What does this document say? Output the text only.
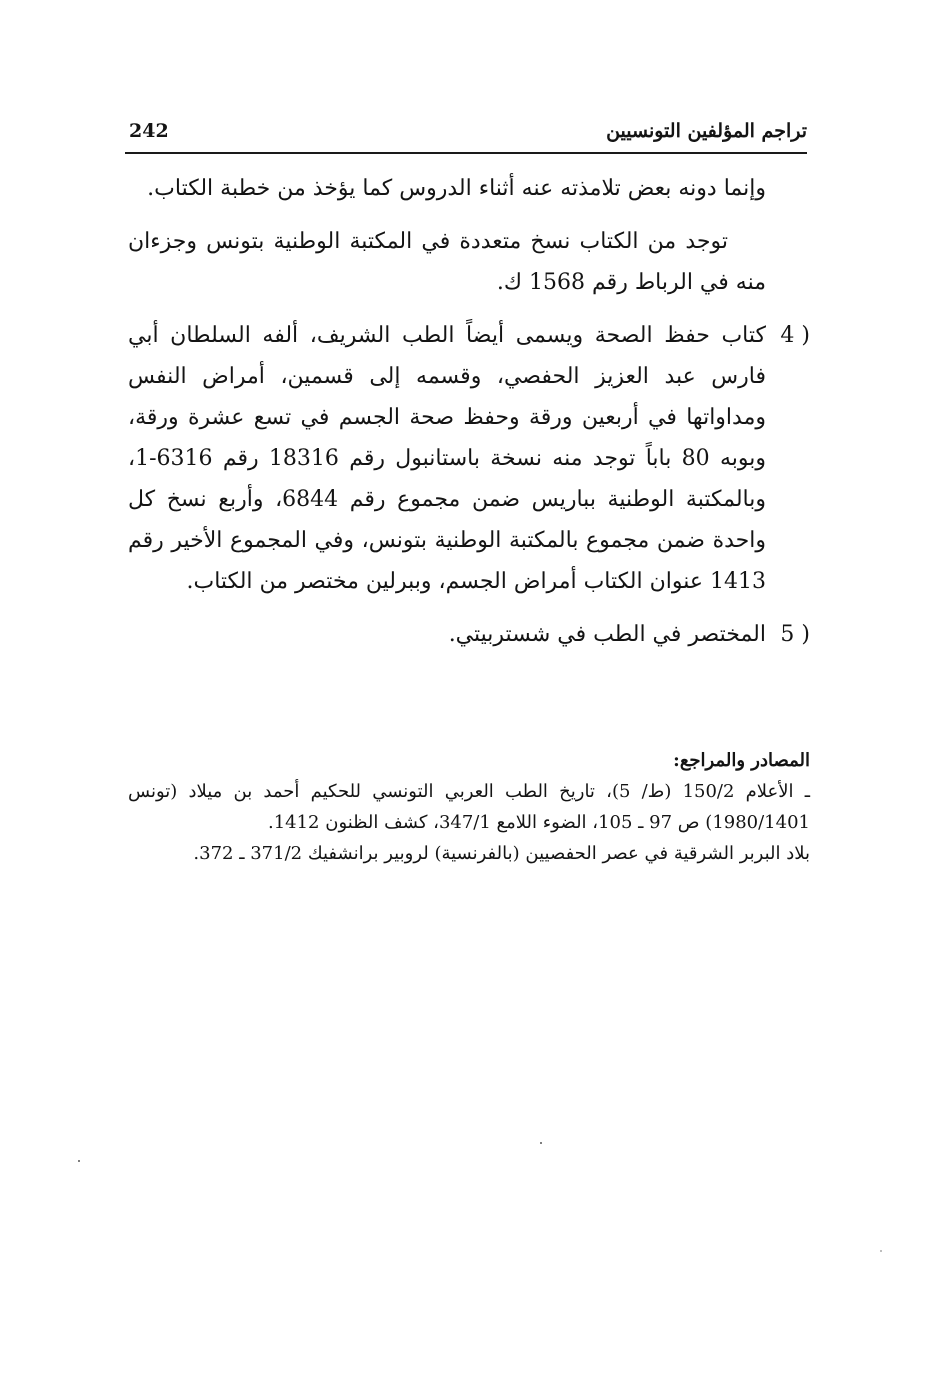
تراجم المؤلفين التونسيين
242

وإنما دونه بعض تلامذته عنه أثناء الدروس كما يؤخذ من خطبة الكتاب.

توجد من الكتاب نسخ متعددة في المكتبة الوطنية بتونس وجزءان منه في الرباط رقم 1568 ك.

4 )
كتاب حفظ الصحة ويسمى أيضاً الطب الشريف، ألفه السلطان أبي فارس عبد العزيز الحفصي، وقسمه إلى قسمين، أمراض النفس ومداواتها في أربعين ورقة وحفظ صحة الجسم في تسع عشرة ورقة، وبوبه 80 باباً توجد منه نسخة باستانبول رقم 18316 رقم 6316-1، وبالمكتبة الوطنية بباريس ضمن مجموع رقم 6844، وأربع نسخ كل واحدة ضمن مجموع بالمكتبة الوطنية بتونس، وفي المجموع الأخير رقم 1413 عنوان الكتاب أمراض الجسم، وببرلين مختصر من الكتاب.

5 )
المختصر في الطب في شستربيتي.

المصادر والمراجع:

ـ الأعلام 150/2 (ط/ 5)، تاريخ الطب العربي التونسي للحكيم أحمد بن ميلاد (تونس 1980/1401) ص 97 ـ 105، الضوء اللامع 347/1، كشف الظنون 1412.

بلاد البربر الشرقية في عصر الحفصيين (بالفرنسية) لروبير برانشفيك 371/2 ـ 372.
